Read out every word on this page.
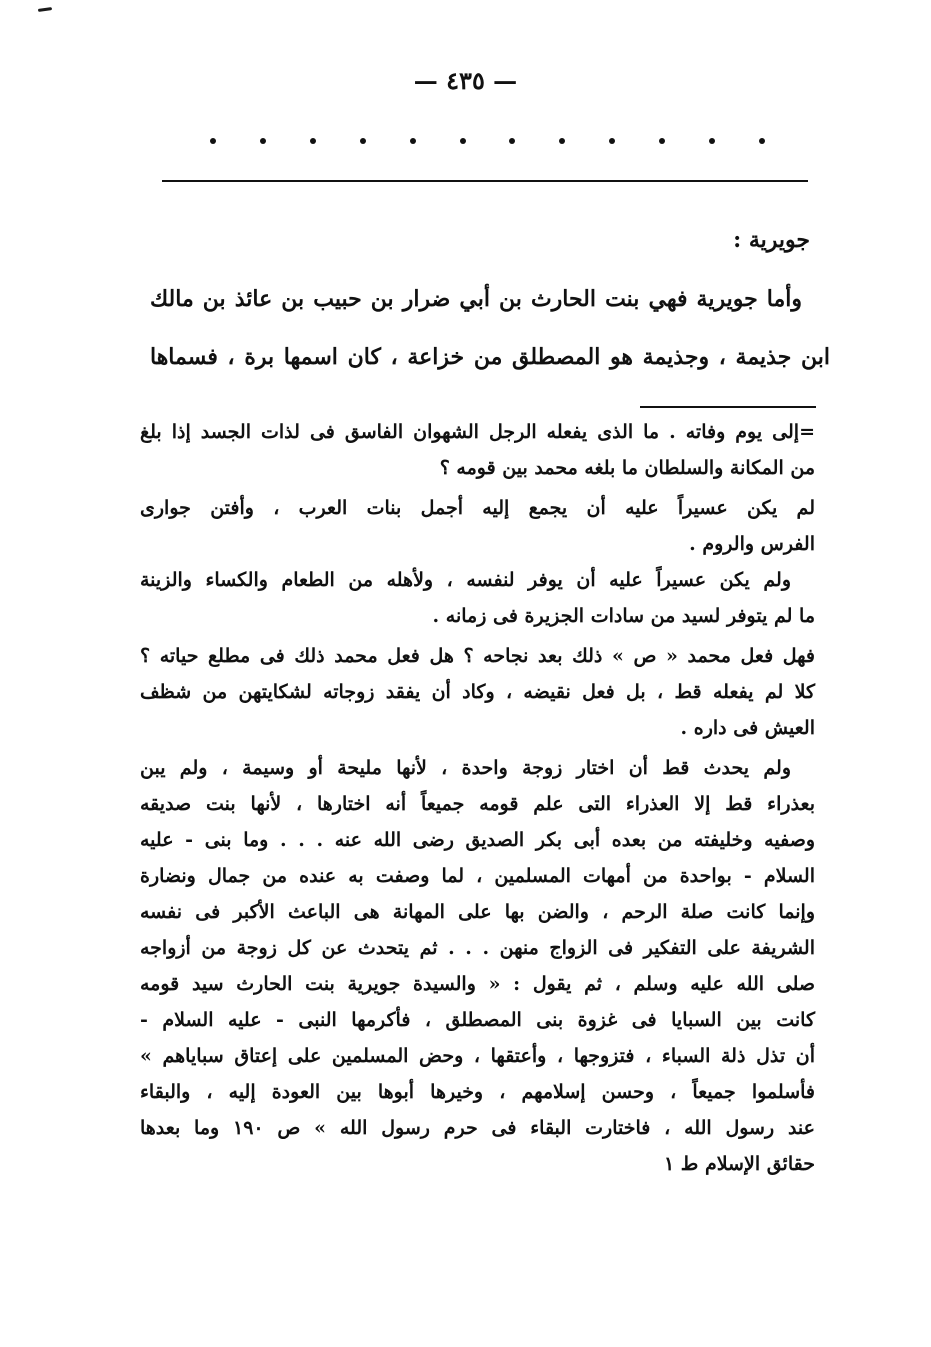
— ٤٣٥ —
جويرية :

وأما جويرية فهي بنت الحارث بن أبي ضرار بن حبيب بن عائذ بن مالك

ابن جذيمة ، وجذيمة هو المصطلق من خزاعة ، كان اسمها برة ، فسماها

=إلى يوم وفاته . ما الذى يفعله الرجل الشهوان الفاسق فى لذات الجسد إذا بلغ

من المكانة والسلطان ما بلغه محمد بين قومه ؟

لم يكن عسيراً عليه أن يجمع إليه أجمل بنات العرب ، وأفتن جوارى

الفرس والروم .

ولم يكن عسيراً عليه أن يوفر لنفسه ، ولأهله من الطعام والكساء والزينة

ما لم يتوفر لسيد من سادات الجزيرة فى زمانه .

فهل فعل محمد « ص » ذلك بعد نجاحه ؟ هل فعل محمد ذلك فى مطلع حياته ؟

كلا لم يفعله قط ، بل فعل نقيضه ، وكاد أن يفقد زوجاته لشكايتهن من شظف

العيش فى داره .

ولم يحدث قط أن اختار زوجة واحدة ، لأنها مليحة أو وسيمة ، ولم يبن

بعذراء قط إلا العذراء التى علم قومه جميعاً أنه اختارها ، لأنها بنت صديقه

وصفيه وخليفته من بعده أبى بكر الصديق رضى الله عنه . . . وما بنى - عليه

السلام - بواحدة من أمهات المسلمين ، لما وصفت به عنده من جمال ونضارة

وإنما كانت صلة الرحم ، والضن بها على المهانة هى الباعث الأكبر فى نفسه

الشريفة على التفكير فى الزواج منهن . . . ثم يتحدث عن كل زوجة من أزواجه

صلى الله عليه وسلم ، ثم يقول : « والسيدة جويرية بنت الحارث سيد قومه

كانت بين السبايا فى غزوة بنى المصطلق ، فأكرمها النبى - عليه السلام -

أن تذل ذلة السباء ، فتزوجها ، وأعتقها ، وحض المسلمين على إعتاق سباياهم »

فأسلموا جميعاً ، وحسن إسلامهم ، وخيرها أبوها بين العودة إليه ، والبقاء

عند رسول الله ، فاختارت البقاء فى حرم رسول الله » ص ١٩٠ وما بعدها

حقائق الإسلام ط ١
